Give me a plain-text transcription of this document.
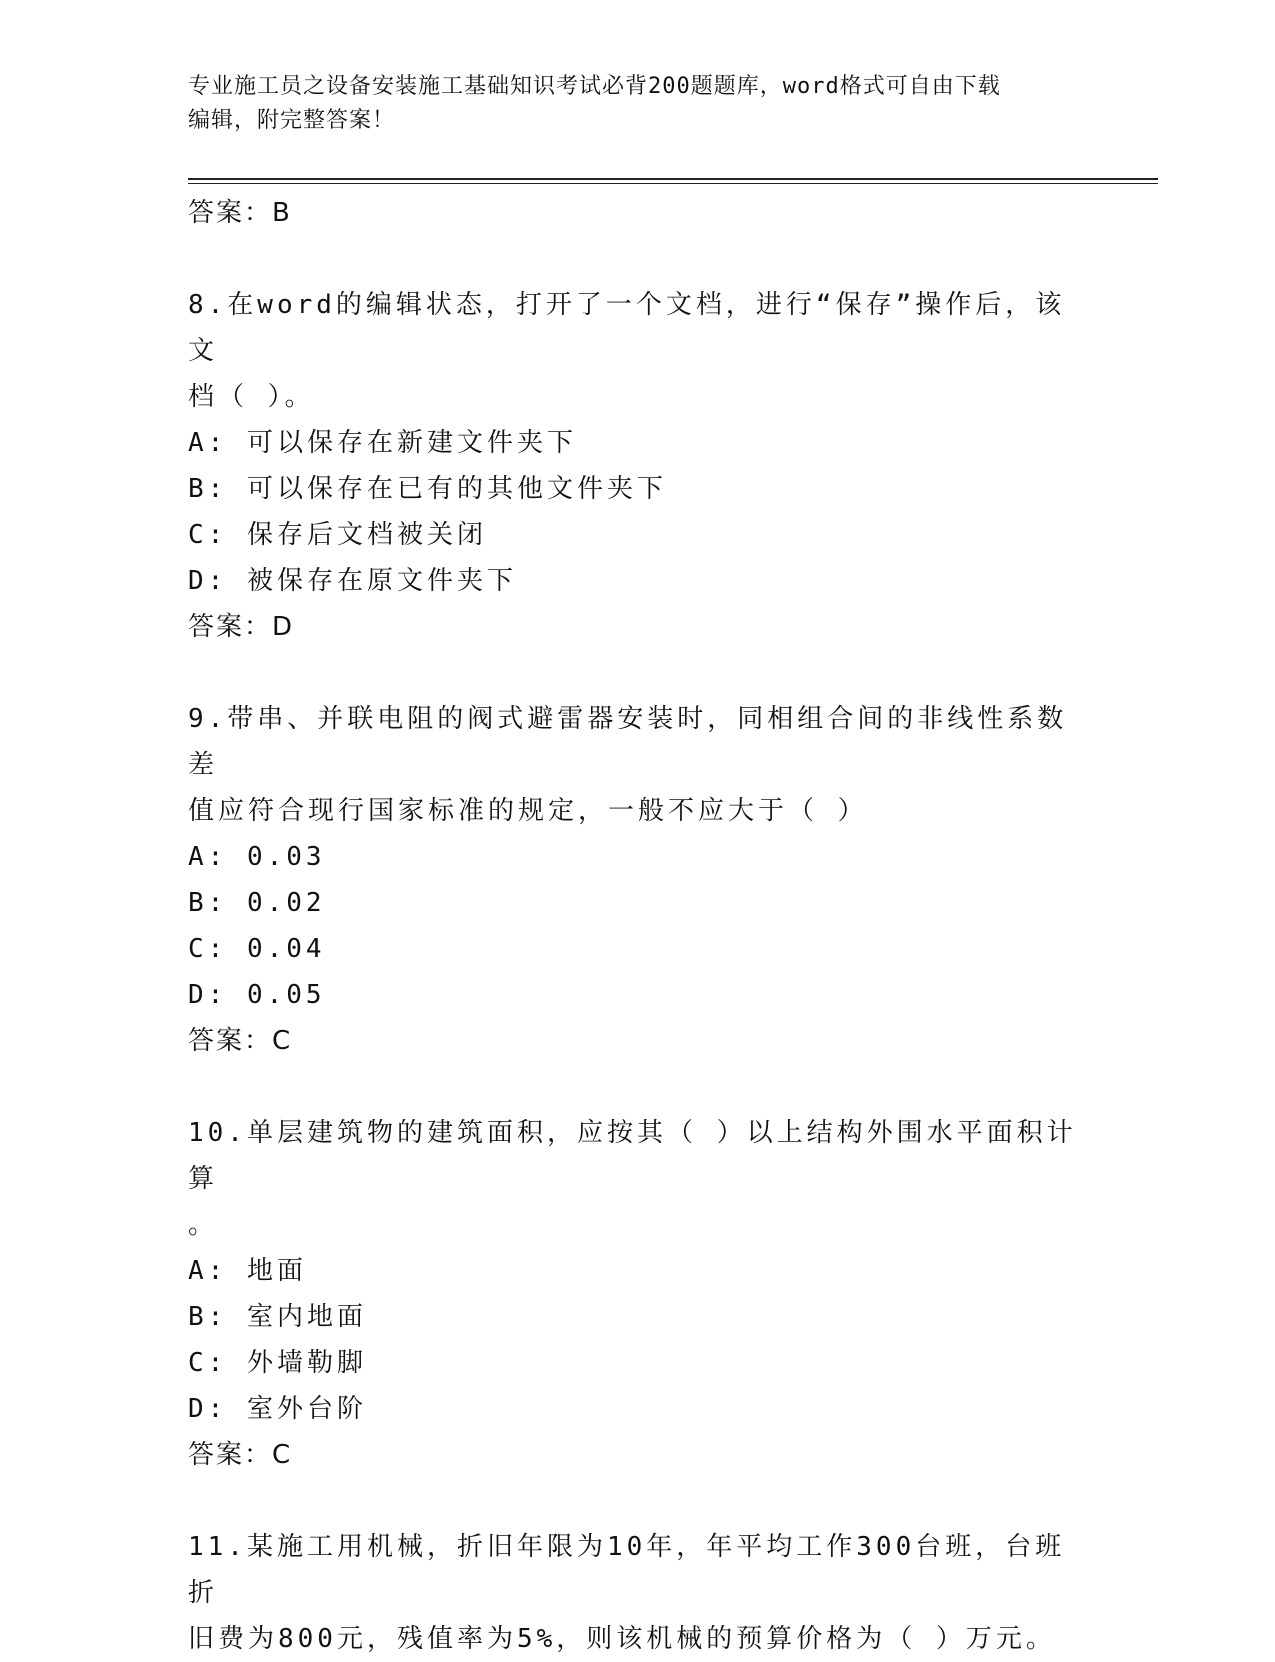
专业施工员之设备安装施工基础知识考试必背200题题库，word格式可自由下载
编辑，附完整答案！
答案：B
8.在word的编辑状态，打开了一个文档，进行“保存”操作后，该文
档（ ）。
A: 可以保存在新建文件夹下
B: 可以保存在已有的其他文件夹下
C: 保存后文档被关闭
D: 被保存在原文件夹下
答案：D
9.带串、并联电阻的阀式避雷器安装时，同相组合间的非线性系数差
值应符合现行国家标准的规定，一般不应大于（ ）
A: 0.03
B: 0.02
C: 0.04
D: 0.05
答案：C
10.单层建筑物的建筑面积，应按其（ ）以上结构外围水平面积计算
。
A: 地面
B: 室内地面
C: 外墙勒脚
D: 室外台阶
答案：C
11.某施工用机械，折旧年限为10年，年平均工作300台班，台班折
旧费为800元，残值率为5%，则该机械的预算价格为（ ）万元。
